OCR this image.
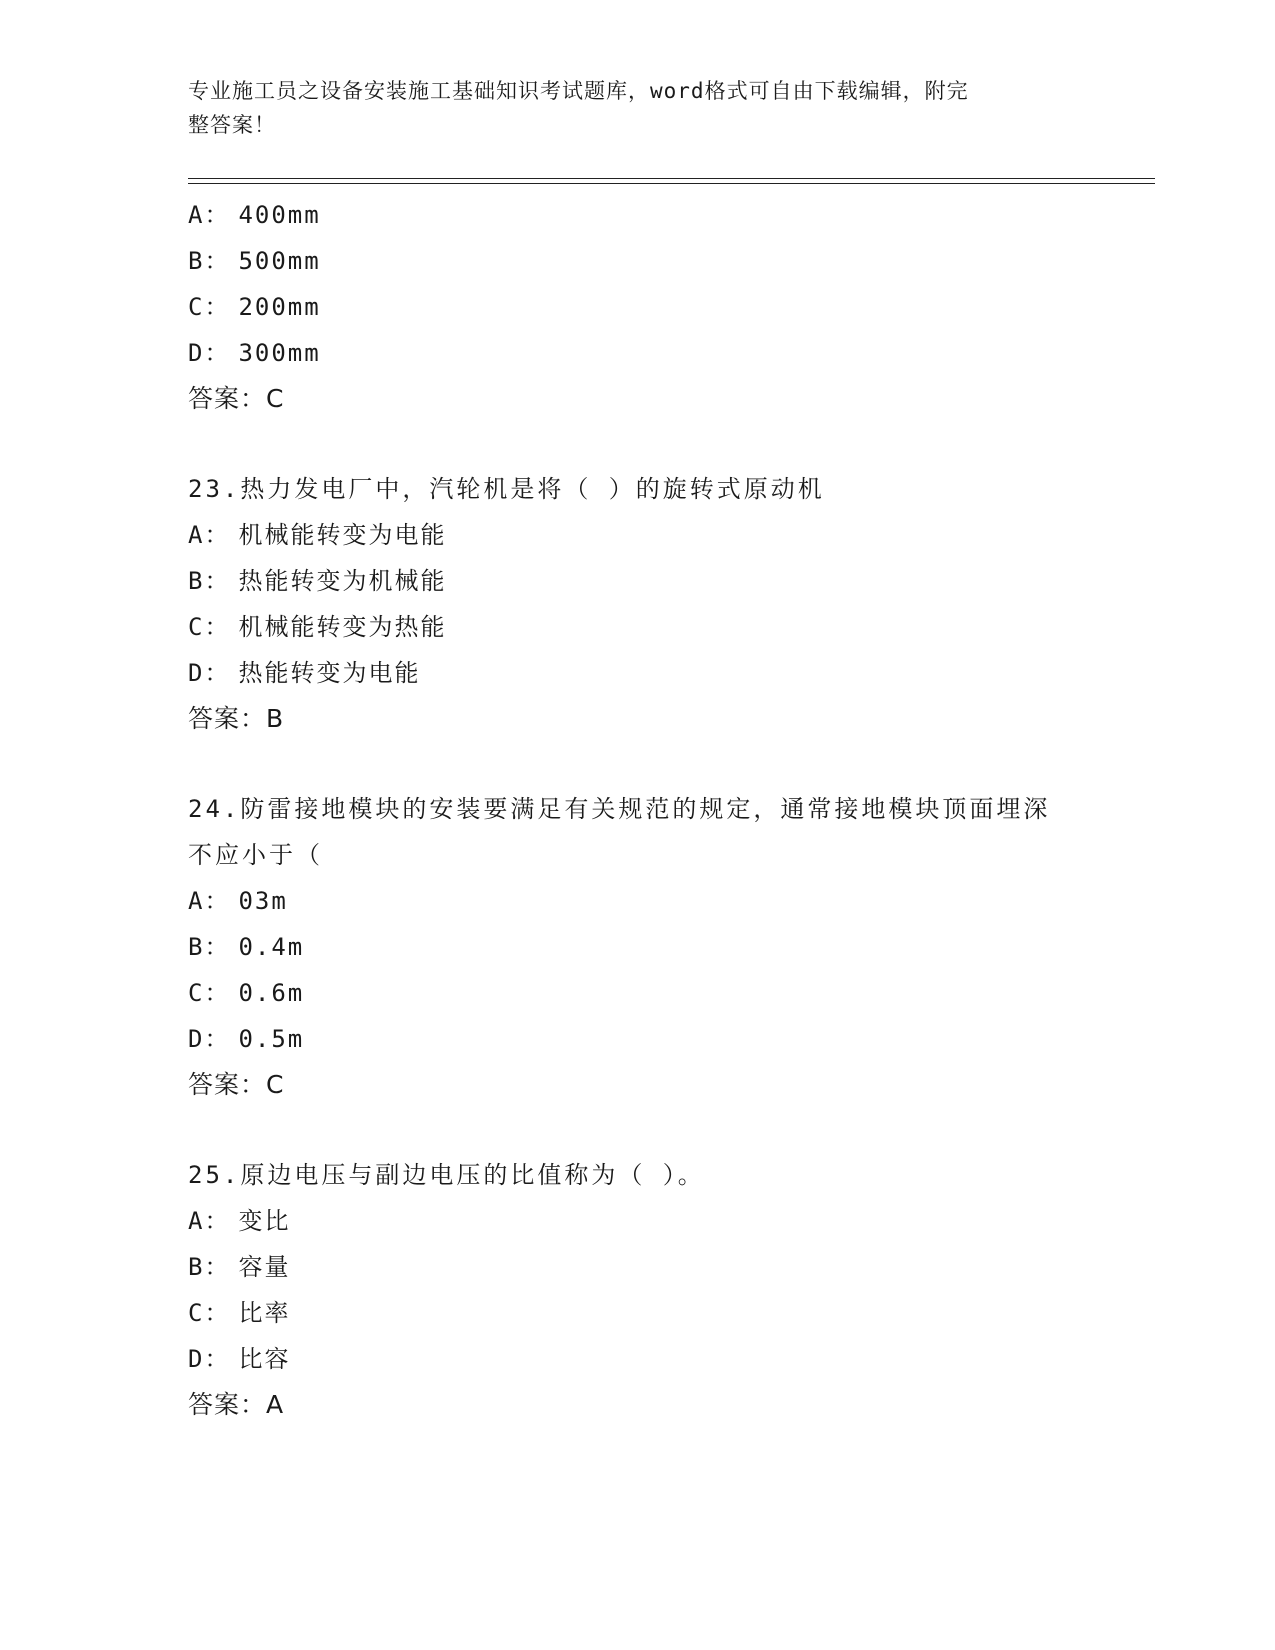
专业施工员之设备安装施工基础知识考试题库，word格式可自由下载编辑，附完
整答案！
A： 400mm
B： 500mm
C： 200mm
D： 300mm
答案：C
23.热力发电厂中，汽轮机是将（ ）的旋转式原动机
A： 机械能转变为电能
B： 热能转变为机械能
C： 机械能转变为热能
D： 热能转变为电能
答案：B
24.防雷接地模块的安装要满足有关规范的规定，通常接地模块顶面埋深不应小于（
A： 03m
B： 0.4m
C： 0.6m
D： 0.5m
答案：C
25.原边电压与副边电压的比值称为（ ）。
A： 变比
B： 容量
C： 比率
D： 比容
答案：A
